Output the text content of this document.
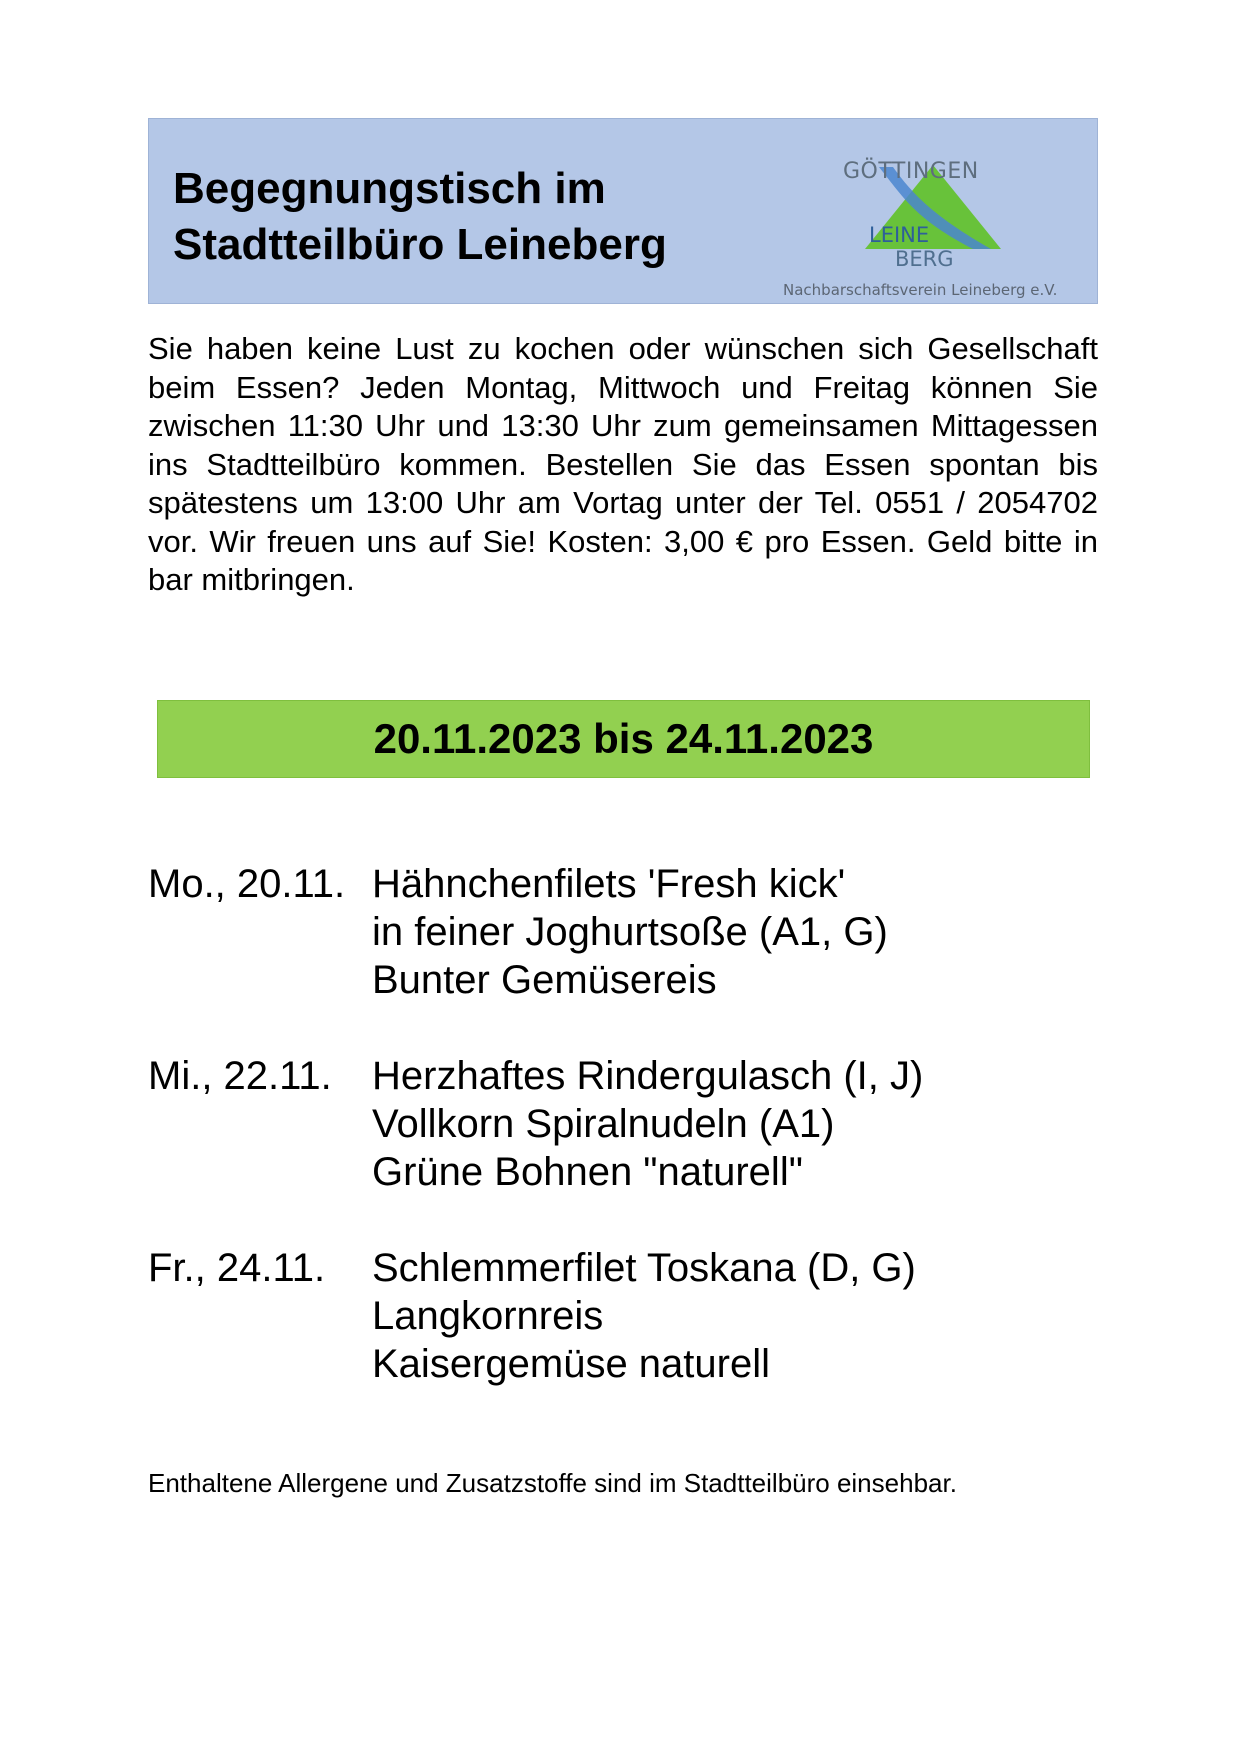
Begegnungstisch im
Stadtteilbüro Leineberg
GÖTTINGEN
LEINE
BERG
Nachbarschaftsverein Leineberg e.V.

Sie haben keine Lust zu kochen oder wünschen sich Gesellschaft beim Essen? Jeden Montag, Mittwoch und Freitag können Sie zwischen 11:30 Uhr und 13:30 Uhr zum gemeinsamen Mittagessen ins Stadtteilbüro kommen. Bestellen Sie das Essen spontan bis spätestens um 13:00 Uhr am Vortag unter der Tel. 0551 / 2054702 vor. Wir freuen uns auf Sie! Kosten: 3,00 € pro Essen. Geld bitte in bar mitbringen.

20.11.2023 bis 24.11.2023
Mo., 20.11. Hähnchenfilets 'Fresh kick'
in feiner Joghurtsoße (A1, G)
Bunter Gemüsereis
Mi., 22.11. Herzhaftes Rindergulasch (I, J)
Vollkorn Spiralnudeln (A1)
Grüne Bohnen "naturell"
Fr., 24.11. Schlemmerfilet Toskana (D, G)
Langkornreis
Kaisergemüse naturell

Enthaltene Allergene und Zusatzstoffe sind im Stadtteilbüro einsehbar.
